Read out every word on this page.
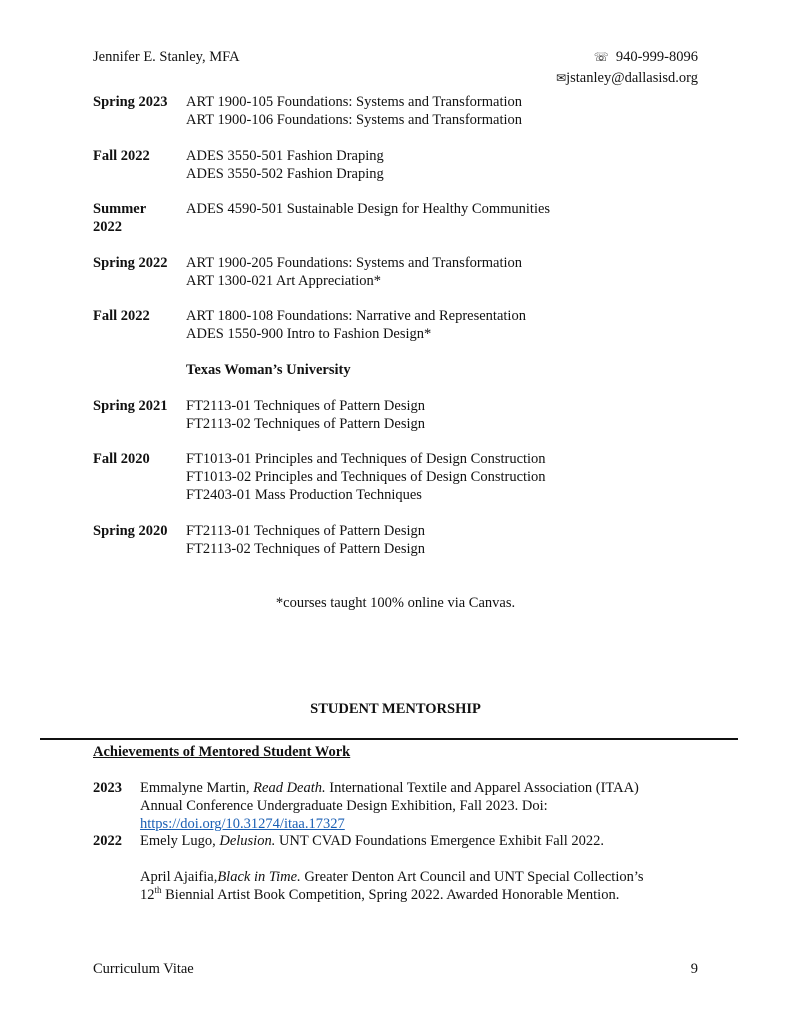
Jennifer E. Stanley, MFA	☏ 940-999-8096
✉jstanley@dallasisd.org
Spring 2023 ART 1900-105 Foundations: Systems and Transformation
ART 1900-106 Foundations: Systems and Transformation
Fall 2022 ADES 3550-501 Fashion Draping
ADES 3550-502 Fashion Draping
Summer
2022
ADES 4590-501 Sustainable Design for Healthy Communities
Spring 2022 ART 1900-205 Foundations: Systems and Transformation
ART 1300-021 Art Appreciation*
Fall 2022 ART 1800-108 Foundations: Narrative and Representation
ADES 1550-900 Intro to Fashion Design*
Texas Woman’s University
Spring 2021 FT2113-01 Techniques of Pattern Design
FT2113-02 Techniques of Pattern Design
Fall 2020 FT1013-01 Principles and Techniques of Design Construction
FT1013-02 Principles and Techniques of Design Construction
FT2403-01 Mass Production Techniques
Spring 2020 FT2113-01 Techniques of Pattern Design
FT2113-02 Techniques of Pattern Design
*courses taught 100% online via Canvas.
STUDENT MENTORSHIP
Achievements of Mentored Student Work
2023 Emmalyne Martin, Read Death. International Textile and Apparel Association (ITAA)
Annual Conference Undergraduate Design Exhibition, Fall 2023. Doi:
https://doi.org/10.31274/itaa.17327
2022 Emely Lugo, Delusion. UNT CVAD Foundations Emergence Exhibit Fall 2022.
April Ajaifia,Black in Time. Greater Denton Art Council and UNT Special Collection’s
12th Biennial Artist Book Competition, Spring 2022. Awarded Honorable Mention.
Curriculum Vitae	9
